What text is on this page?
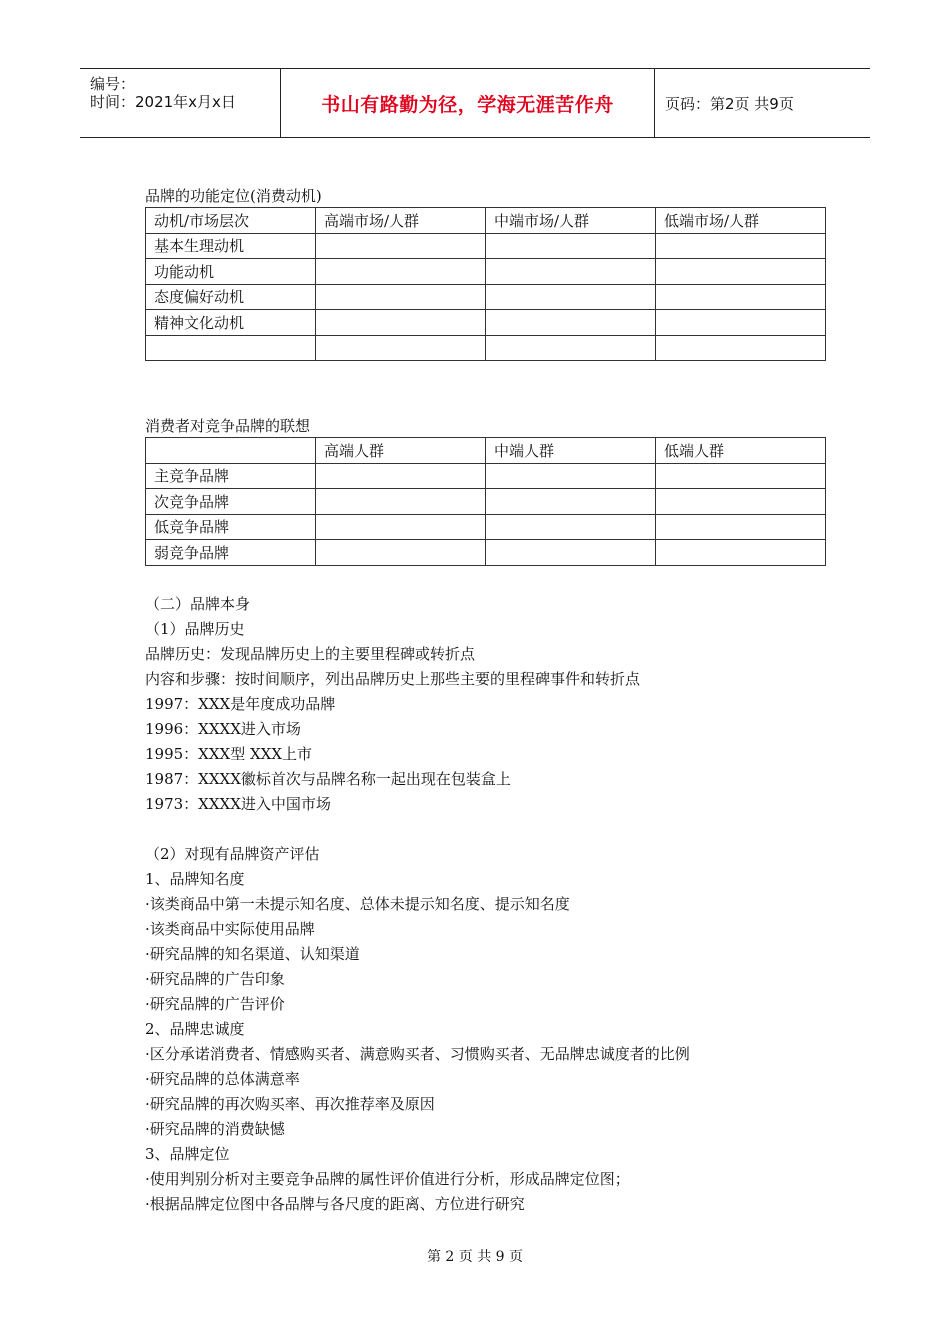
编号：
时间：2021年x月x日	书山有路勤为径，学海无涯苦作舟	页码：第2页 共9页
品牌的功能定位(消费动机)
动机/市场层次	高端市场/人群	中端市场/人群	低端市场/人群
基本生理动机			
功能动机			
态度偏好动机			
精神文化动机			

消费者对竞争品牌的联想
	高端人群	中端人群	低端人群
主竞争品牌			
次竞争品牌			
低竞争品牌			
弱竞争品牌			
（二）品牌本身
（1）品牌历史
品牌历史：发现品牌历史上的主要里程碑或转折点
内容和步骤：按时间顺序，列出品牌历史上那些主要的里程碑事件和转折点
1997：XXX是年度成功品牌
1996：XXXX进入市场
1995：XXX型 XXX上市
1987：XXXX徽标首次与品牌名称一起出现在包装盒上
1973：XXXX进入中国市场
（2）对现有品牌资产评估
1、品牌知名度
·该类商品中第一未提示知名度、总体未提示知名度、提示知名度
·该类商品中实际使用品牌
·研究品牌的知名渠道、认知渠道
·研究品牌的广告印象
·研究品牌的广告评价
2、品牌忠诚度
·区分承诺消费者、情感购买者、满意购买者、习惯购买者、无品牌忠诚度者的比例
·研究品牌的总体满意率
·研究品牌的再次购买率、再次推荐率及原因
·研究品牌的消费缺憾
3、品牌定位
·使用判别分析对主要竞争品牌的属性评价值进行分析，形成品牌定位图；
·根据品牌定位图中各品牌与各尺度的距离、方位进行研究
第 2 页 共 9 页
